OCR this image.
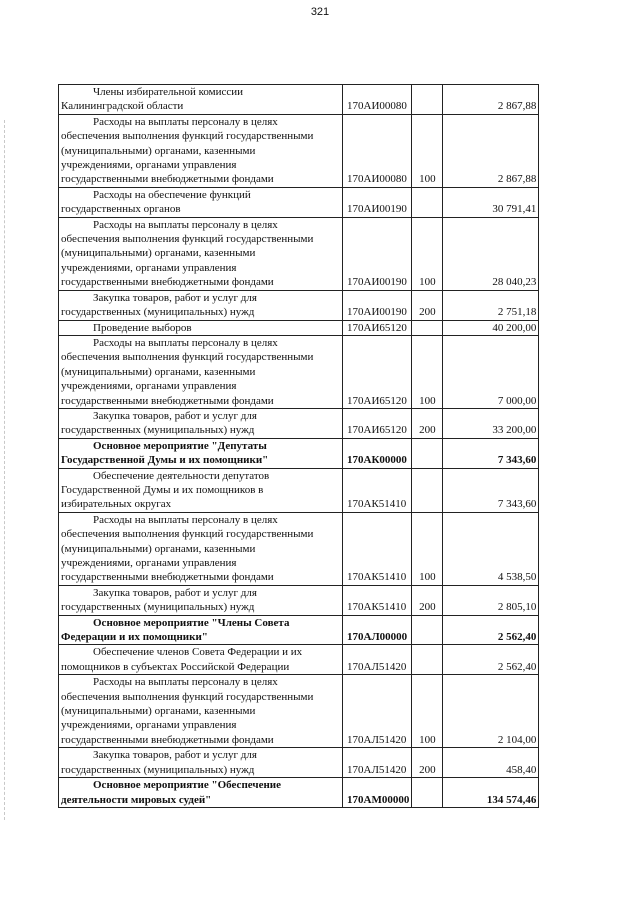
321
Члены избирательной комиссии
Калининградской области	170АИ00080		2 867,88

Расходы на выплаты персоналу в целях
обеспечения выполнения функций государственными
(муниципальными) органами, казенными
учреждениями, органами управления
государственными внебюджетными фондами	170АИ00080	100	2 867,88

Расходы на обеспечение функций
государственных органов	170АИ00190		30 791,41

Расходы на выплаты персоналу в целях
обеспечения выполнения функций государственными
(муниципальными) органами, казенными
учреждениями, органами управления
государственными внебюджетными фондами	170АИ00190	100	28 040,23

Закупка товаров, работ и услуг для
государственных (муниципальных) нужд	170АИ00190	200	2 751,18

Проведение выборов	170АИ65120		40 200,00

Расходы на выплаты персоналу в целях
обеспечения выполнения функций государственными
(муниципальными) органами, казенными
учреждениями, органами управления
государственными внебюджетными фондами	170АИ65120	100	7 000,00

Закупка товаров, работ и услуг для
государственных (муниципальных) нужд	170АИ65120	200	33 200,00

Основное мероприятие "Депутаты
Государственной Думы и их помощники"	170АК00000		7 343,60

Обеспечение деятельности депутатов
Государственной Думы и их помощников в
избирательных округах	170АК51410		7 343,60

Расходы на выплаты персоналу в целях
обеспечения выполнения функций государственными
(муниципальными) органами, казенными
учреждениями, органами управления
государственными внебюджетными фондами	170АК51410	100	4 538,50

Закупка товаров, работ и услуг для
государственных (муниципальных) нужд	170АК51410	200	2 805,10

Основное мероприятие "Члены Совета
Федерации и их помощники"	170АЛ00000		2 562,40

Обеспечение членов Совета Федерации и их
помощников в субъектах Российской Федерации	170АЛ51420		2 562,40

Расходы на выплаты персоналу в целях
обеспечения выполнения функций государственными
(муниципальными) органами, казенными
учреждениями, органами управления
государственными внебюджетными фондами	170АЛ51420	100	2 104,00

Закупка товаров, работ и услуг для
государственных (муниципальных) нужд	170АЛ51420	200	458,40

Основное мероприятие "Обеспечение
деятельности мировых судей"	170АМ00000		134 574,46
